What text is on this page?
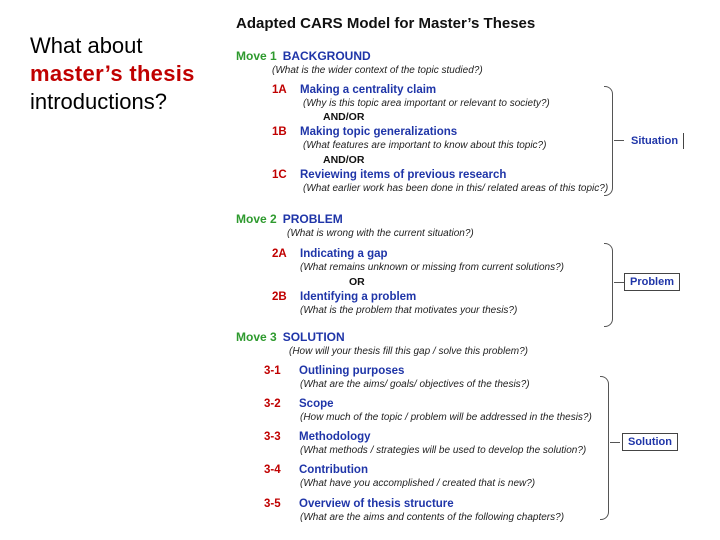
What about
master’s thesis
introductions?
Adapted CARS Model for Master’s Theses
Move 1 BACKGROUND
(What is the wider context of the topic studied?)
1A Making a centrality claim
(Why is this topic area important or relevant to society?)
AND/OR
1B Making topic generalizations
(What features are important to know about this topic?)
AND/OR
1C Reviewing items of previous research
(What earlier work has been done in this/ related areas of this topic?)
Situation
Move 2 PROBLEM
(What is wrong with the current situation?)
2A Indicating a gap
(What remains unknown or missing from current solutions?)
OR
2B Identifying a problem
(What is the problem that motivates your thesis?)
Problem
Move 3 SOLUTION
(How will your thesis fill this gap / solve this problem?)
3-1 Outlining purposes
(What are the aims/ goals/ objectives of the thesis?)
3-2 Scope
(How much of the topic / problem will be addressed in the thesis?)
3-3 Methodology
(What methods / strategies will be used to develop the solution?)
3-4 Contribution
(What have you accomplished / created that is new?)
3-5 Overview of thesis structure
(What are the aims and contents of the following chapters?)
Solution
